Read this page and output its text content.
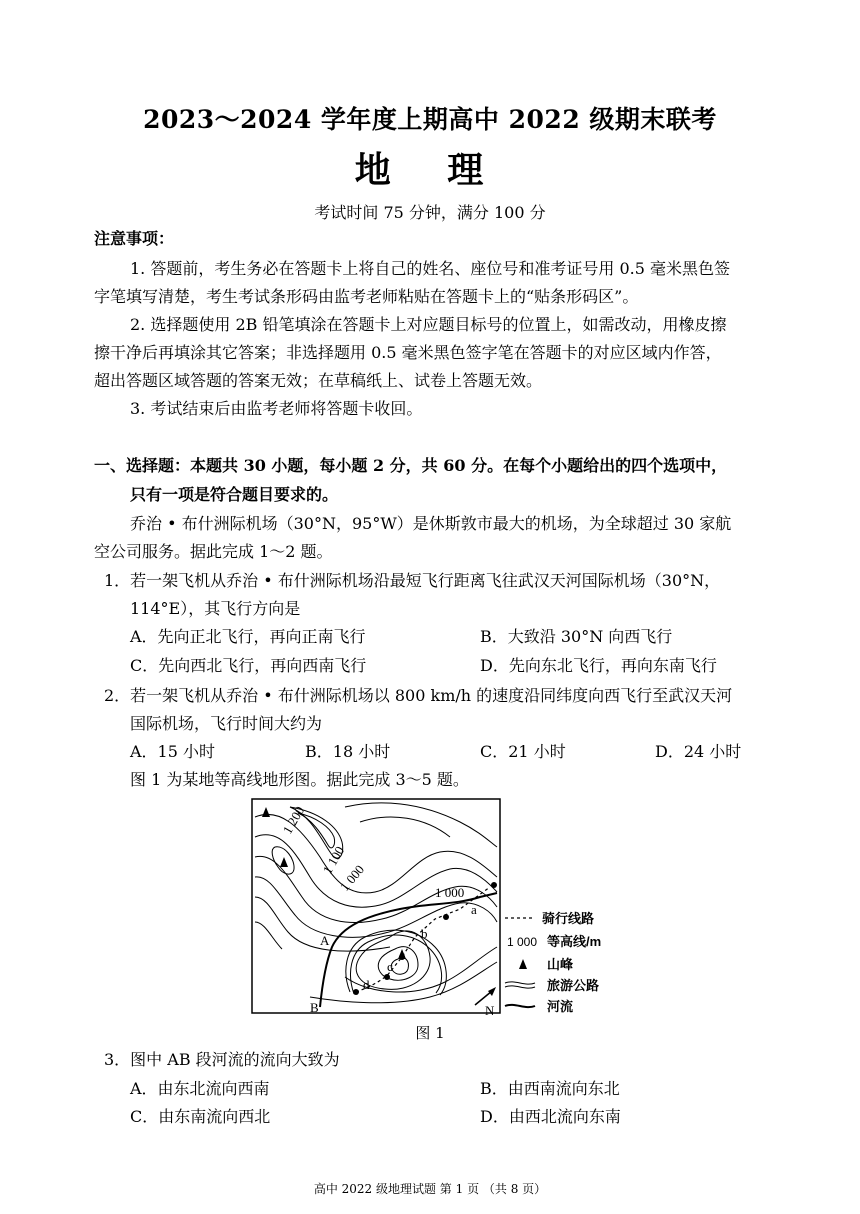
2023～2024 学年度上期高中 2022 级期末联考
地 理
考试时间 75 分钟，满分 100 分
注意事项：
1. 答题前，考生务必在答题卡上将自己的姓名、座位号和准考证号用 0.5 毫米黑色签
字笔填写清楚，考生考试条形码由监考老师粘贴在答题卡上的“贴条形码区”。
2. 选择题使用 2B 铅笔填涂在答题卡上对应题目标号的位置上，如需改动，用橡皮擦
擦干净后再填涂其它答案；非选择题用 0.5 毫米黑色签字笔在答题卡的对应区域内作答，
超出答题区域答题的答案无效；在草稿纸上、试卷上答题无效。
3. 考试结束后由监考老师将答题卡收回。
一、选择题：本题共 30 小题，每小题 2 分，共 60 分。在每个小题给出的四个选项中，
只有一项是符合题目要求的。
乔治 • 布什洲际机场（30°N，95°W）是休斯敦市最大的机场，为全球超过 30 家航
空公司服务。据此完成 1～2 题。
1．若一架飞机从乔治 • 布什洲际机场沿最短飞行距离飞往武汉天河国际机场（30°N，
114°E），其飞行方向是
A．先向正北飞行，再向正南飞行	B．大致沿 30°N 向西飞行
C．先向西北飞行，再向西南飞行	D．先向东北飞行，再向东南飞行
2．若一架飞机从乔治 • 布什洲际机场以 800 km/h 的速度沿同纬度向西飞行至武汉天河
国际机场，飞行时间大约为
A．15 小时	B．18 小时	C．21 小时	D．24 小时
图 1 为某地等高线地形图。据此完成 3～5 题。
1 200
1 100
1 000	1 000
A
B
a
b
c
d
N
骑行线路
1 000 等高线/m
山峰
旅游公路
河流
图 1
3．图中 AB 段河流的流向大致为
A．由东北流向西南	B．由西南流向东北
C．由东南流向西北	D．由西北流向东南
高中 2022 级地理试题 第 1 页 （共 8 页）
